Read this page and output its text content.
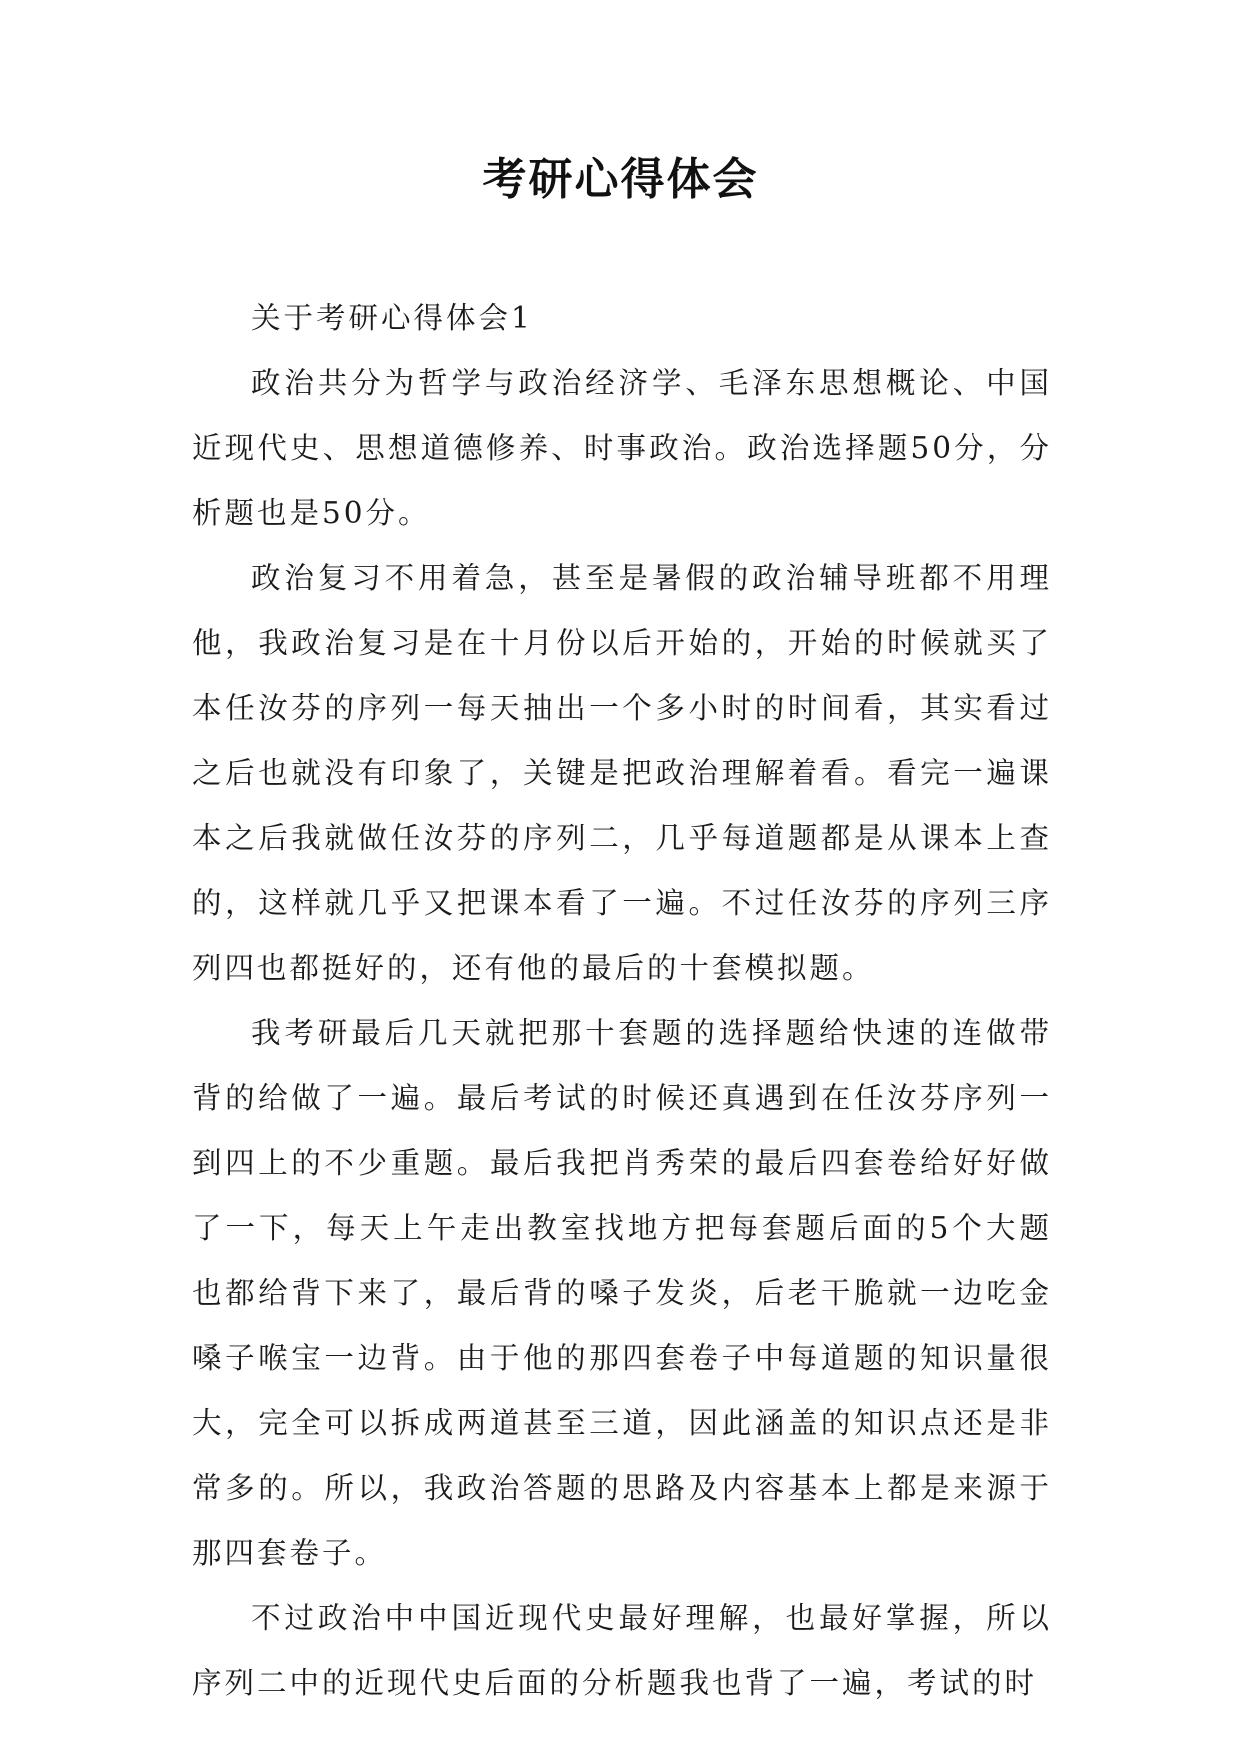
考研心得体会

关于考研心得体会1

政治共分为哲学与政治经济学、毛泽东思想概论、中国近现代史、思想道德修养、时事政治。政治选择题50分，分析题也是50分。

政治复习不用着急，甚至是暑假的政治辅导班都不用理他，我政治复习是在十月份以后开始的，开始的时候就买了本任汝芬的序列一每天抽出一个多小时的时间看，其实看过之后也就没有印象了，关键是把政治理解着看。看完一遍课本之后我就做任汝芬的序列二，几乎每道题都是从课本上查的，这样就几乎又把课本看了一遍。不过任汝芬的序列三序列四也都挺好的，还有他的最后的十套模拟题。

我考研最后几天就把那十套题的选择题给快速的连做带背的给做了一遍。最后考试的时候还真遇到在任汝芬序列一到四上的不少重题。最后我把肖秀荣的最后四套卷给好好做了一下，每天上午走出教室找地方把每套题后面的5个大题也都给背下来了，最后背的嗓子发炎，后老干脆就一边吃金嗓子喉宝一边背。由于他的那四套卷子中每道题的知识量很大，完全可以拆成两道甚至三道，因此涵盖的知识点还是非常多的。所以，我政治答题的思路及内容基本上都是来源于那四套卷子。

不过政治中中国近现代史最好理解，也最好掌握，所以序列二中的近现代史后面的分析题我也背了一遍，考试的时
